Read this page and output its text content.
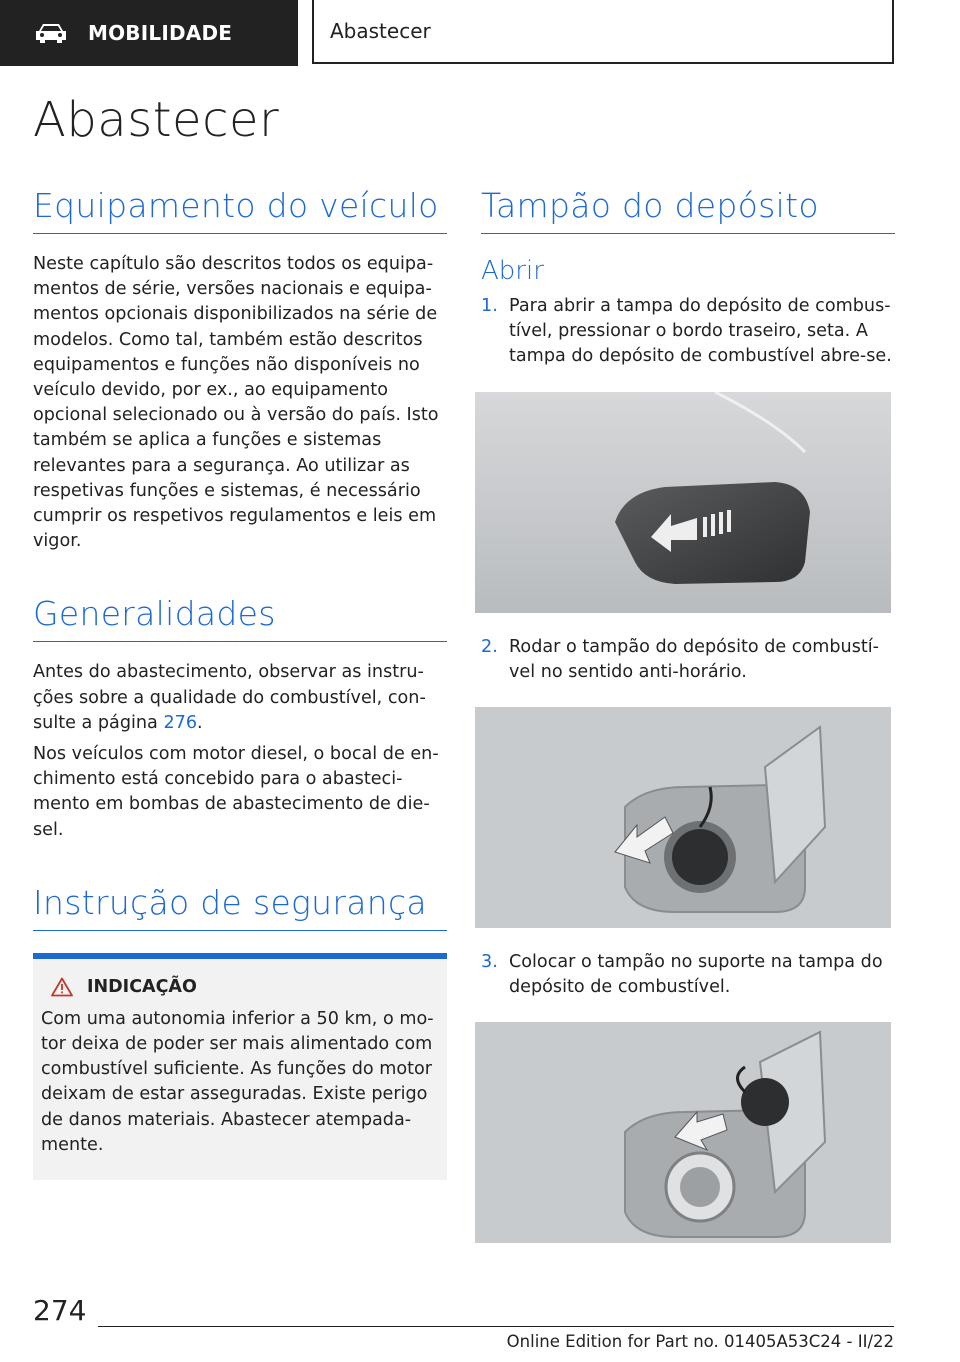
MOBILIDADE	Abastecer
Abastecer
Equipamento do veículo

Neste capítulo são descritos todos os equipamentos de série, versões nacionais e equipamentos opcionais disponibilizados na série de modelos. Como tal, também estão descritos equipamentos e funções não disponíveis no veículo devido, por ex., ao equipamento opcional selecionado ou à versão do país. Isto também se aplica a funções e sistemas relevantes para a segurança. Ao utilizar as respetivas funções e sistemas, é necessário cumprir os respetivos regulamentos e leis em vigor.

Generalidades

Antes do abastecimento, observar as instruções sobre a qualidade do combustível, consulte a página 276.

Nos veículos com motor diesel, o bocal de enchimento está concebido para o abastecimento em bombas de abastecimento de diesel.

Instrução de segurança
INDICAÇÃO

Com uma autonomia inferior a 50 km, o motor deixa de poder ser mais alimentado com combustível suficiente. As funções do motor deixam de estar asseguradas. Existe perigo de danos materiais. Abastecer atempadamente.

Tampão do depósito
Abrir
1. Para abrir a tampa do depósito de combustível, pressionar o bordo traseiro, seta. A tampa do depósito de combustível abre-se.
2. Rodar o tampão do depósito de combustível no sentido anti-horário.
3. Colocar o tampão no suporte na tampa do depósito de combustível.
274
Online Edition for Part no. 01405A53C24 - II/22
